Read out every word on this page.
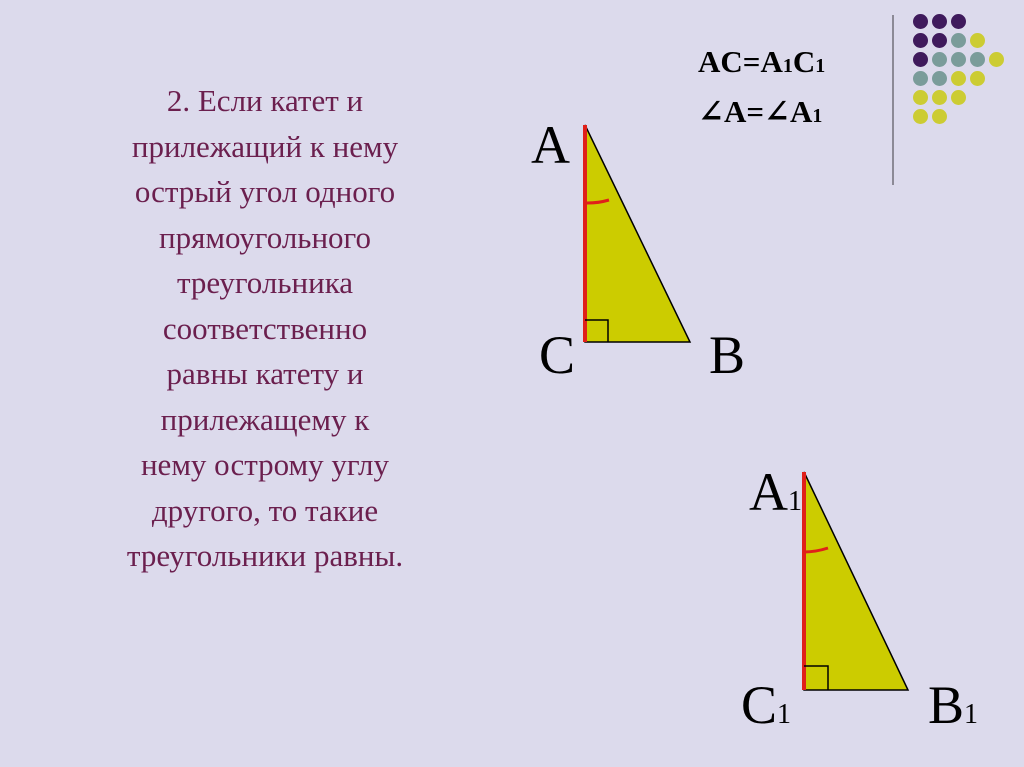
2. Если катет и
прилежащий к нему
острый угол одного
прямоугольного
треугольника
соответственно
равны катету и
прилежащему к
нему острому углу
другого, то такие
треугольники равны.
AC=A1C1
∠A=∠A1
A
C B
A1
C1	B1
